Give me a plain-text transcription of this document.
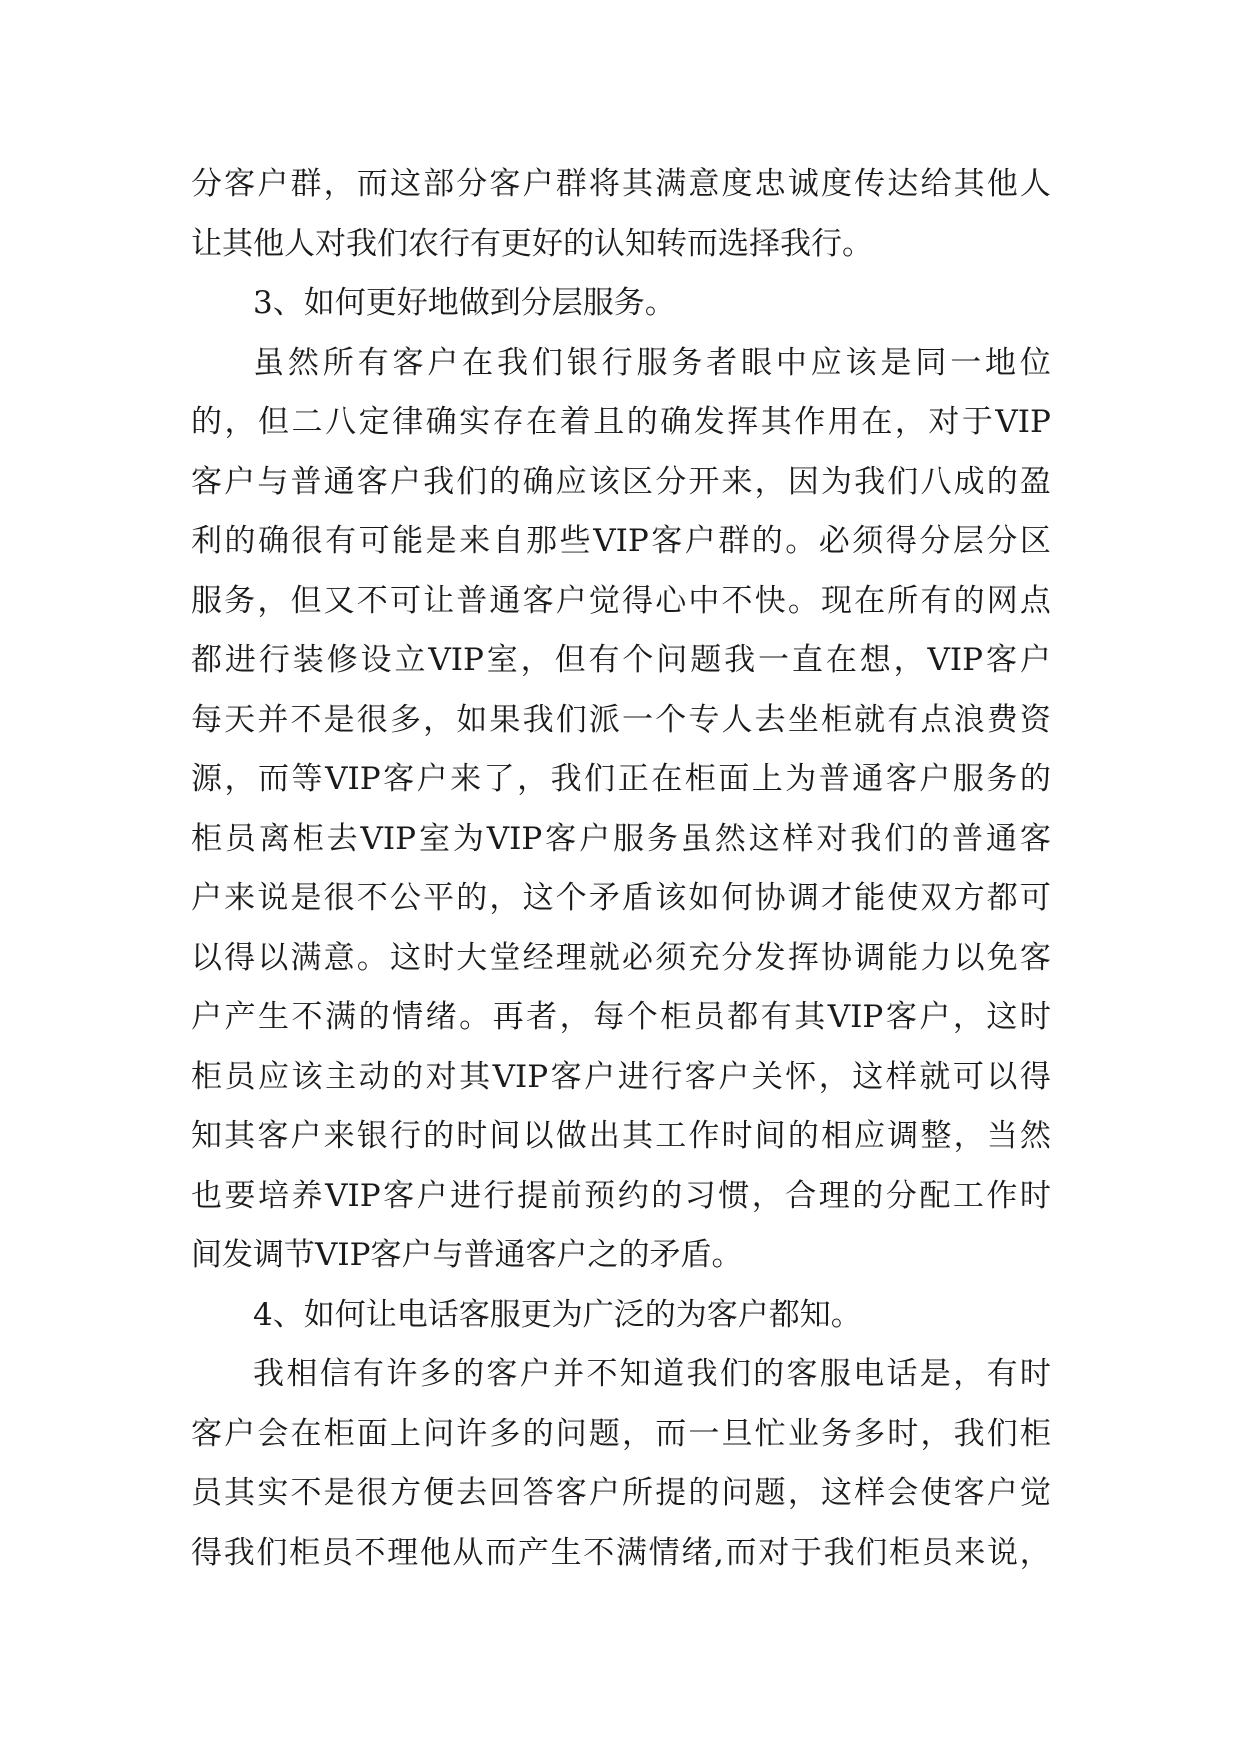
分 客 户 群 ， 而 这 部 分 客 户 群 将 其 满 意 度 忠 诚 度 传 达 给 其 他 人
让其他人对我们农行有更好的认知转而选择我行。
3、如何更好地做到分层服务。
虽 然 所 有 客 户 在 我 们 银 行 服 务 者 眼 中 应 该 是 同 一 地 位
的 ， 但 二 八 定 律 确 实 存 在 着 且 的 确 发 挥 其 作 用 在 ， 对 于 VIP
客 户 与 普 通 客 户 我 们 的 确 应 该 区 分 开 来 ， 因 为 我 们 八 成 的 盈
利 的 确 很 有 可 能 是 来 自 那 些 VIP 客 户 群 的 。 必 须 得 分 层 分 区
服 务 ， 但 又 不 可 让 普 通 客 户 觉 得 心 中 不 快 。 现 在 所 有 的 网 点
都 进 行 装 修 设 立 VIP 室 ， 但 有 个 问 题 我 一 直 在 想 ， VIP 客 户
每 天 并 不 是 很 多 ， 如 果 我 们 派 一 个 专 人 去 坐 柜 就 有 点 浪 费 资
源 ， 而 等 VIP 客 户 来 了 ， 我 们 正 在 柜 面 上 为 普 通 客 户 服 务 的
柜 员 离 柜 去 VIP 室 为 VIP 客 户 服 务 虽 然 这 样 对 我 们 的 普 通 客
户 来 说 是 很 不 公 平 的 ， 这 个 矛 盾 该 如 何 协 调 才 能 使 双 方 都 可
以 得 以 满 意 。 这 时 大 堂 经 理 就 必 须 充 分 发 挥 协 调 能 力 以 免 客
户 产 生 不 满 的 情 绪 。 再 者 ， 每 个 柜 员 都 有 其 VIP 客 户 ， 这 时
柜 员 应 该 主 动 的 对 其 VIP 客 户 进 行 客 户 关 怀 ， 这 样 就 可 以 得
知 其 客 户 来 银 行 的 时 间 以 做 出 其 工 作 时 间 的 相 应 调 整 ， 当 然
也 要 培 养 VIP 客 户 进 行 提 前 预 约 的 习 惯 ， 合 理 的 分 配 工 作 时
间发调节VIP客户与普通客户之的矛盾。
4、如何让电话客服更为广泛的为客户都知。
我 相 信 有 许 多 的 客 户 并 不 知 道 我 们 的 客 服 电 话 是 ， 有 时
客 户 会 在 柜 面 上 问 许 多 的 问 题 ， 而 一 旦 忙 业 务 多 时 ， 我 们 柜
员 其 实 不 是 很 方 便 去 回 答 客 户 所 提 的 问 题 ， 这 样 会 使 客 户 觉
得 我 们 柜 员 不 理 他 从 而 产 生 不 满 情 绪 , 而 对 于 我 们 柜 员 来 说 ，
